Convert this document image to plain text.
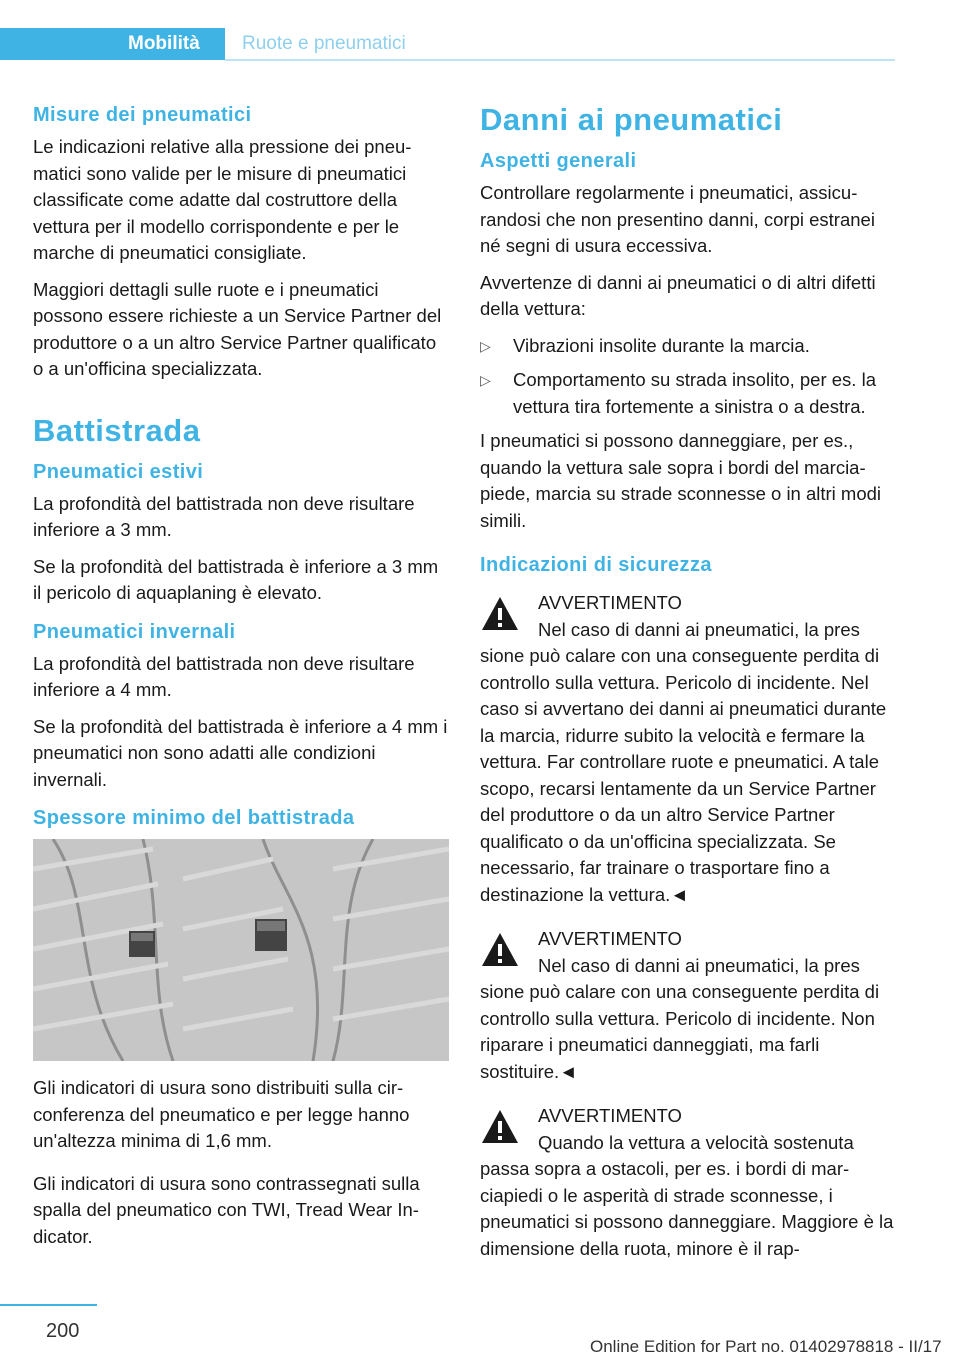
Mobilità Ruote e pneumatici
Misure dei pneumatici

Le indicazioni relative alla pressione dei pneumatici sono valide per le misure di pneumatici classificate come adatte dal costruttore della vettura per il modello corrispondente e per le marche di pneumatici consigliate.

Maggiori dettagli sulle ruote e i pneumatici possono essere richieste a un Service Partner del produttore o a un altro Service Partner qualificato o a un'officina specializzata.

Battistrada
Pneumatici estivi

La profondità del battistrada non deve risultare inferiore a 3 mm.

Se la profondità del battistrada è inferiore a 3 mm il pericolo di aquaplaning è elevato.

Pneumatici invernali

La profondità del battistrada non deve risultare inferiore a 4 mm.

Se la profondità del battistrada è inferiore a 4 mm i pneumatici non sono adatti alle condizioni invernali.

Spessore minimo del battistrada

Gli indicatori di usura sono distribuiti sulla circonferenza del pneumatico e per legge hanno un'altezza minima di 1,6 mm.

Gli indicatori di usura sono contrassegnati sulla spalla del pneumatico con TWI, Tread Wear Indicator.

Danni ai pneumatici
Aspetti generali

Controllare regolarmente i pneumatici, assicurandosi che non presentino danni, corpi estranei né segni di usura eccessiva.

Avvertenze di danni ai pneumatici o di altri difetti della vettura:

▷ Vibrazioni insolite durante la marcia.
▷ Comportamento su strada insolito, per es. la vettura tira fortemente a sinistra o a destra.

I pneumatici si possono danneggiare, per es., quando la vettura sale sopra i bordi del marciapiede, marcia su strade sconnesse o in altri modi simili.

Indicazioni di sicurezza
AVVERTIMENTO
Nel caso di danni ai pneumatici, la pres
sione può calare con una conseguente perdita di controllo sulla vettura. Pericolo di incidente. Nel caso si avvertano dei danni ai pneumatici durante la marcia, ridurre subito la velocità e fermare la vettura. Far controllare ruote e pneumatici. A tale scopo, recarsi lentamente da un Service Partner del produttore o da un altro Service Partner qualificato o da un'officina specializzata. Se necessario, far trainare o trasportare fino a destinazione la vettura.◄
AVVERTIMENTO
Nel caso di danni ai pneumatici, la pres
sione può calare con una conseguente perdita di controllo sulla vettura. Pericolo di incidente. Non riparare i pneumatici danneggiati, ma farli sostituire.◄
AVVERTIMENTO
Quando la vettura a velocità sostenuta
passa sopra a ostacoli, per es. i bordi di marciapiedi o le asperità di strade sconnesse, i pneumatici si possono danneggiare. Maggiore è la dimensione della ruota, minore è il rap-
200
Online Edition for Part no. 01402978818 - II/17
